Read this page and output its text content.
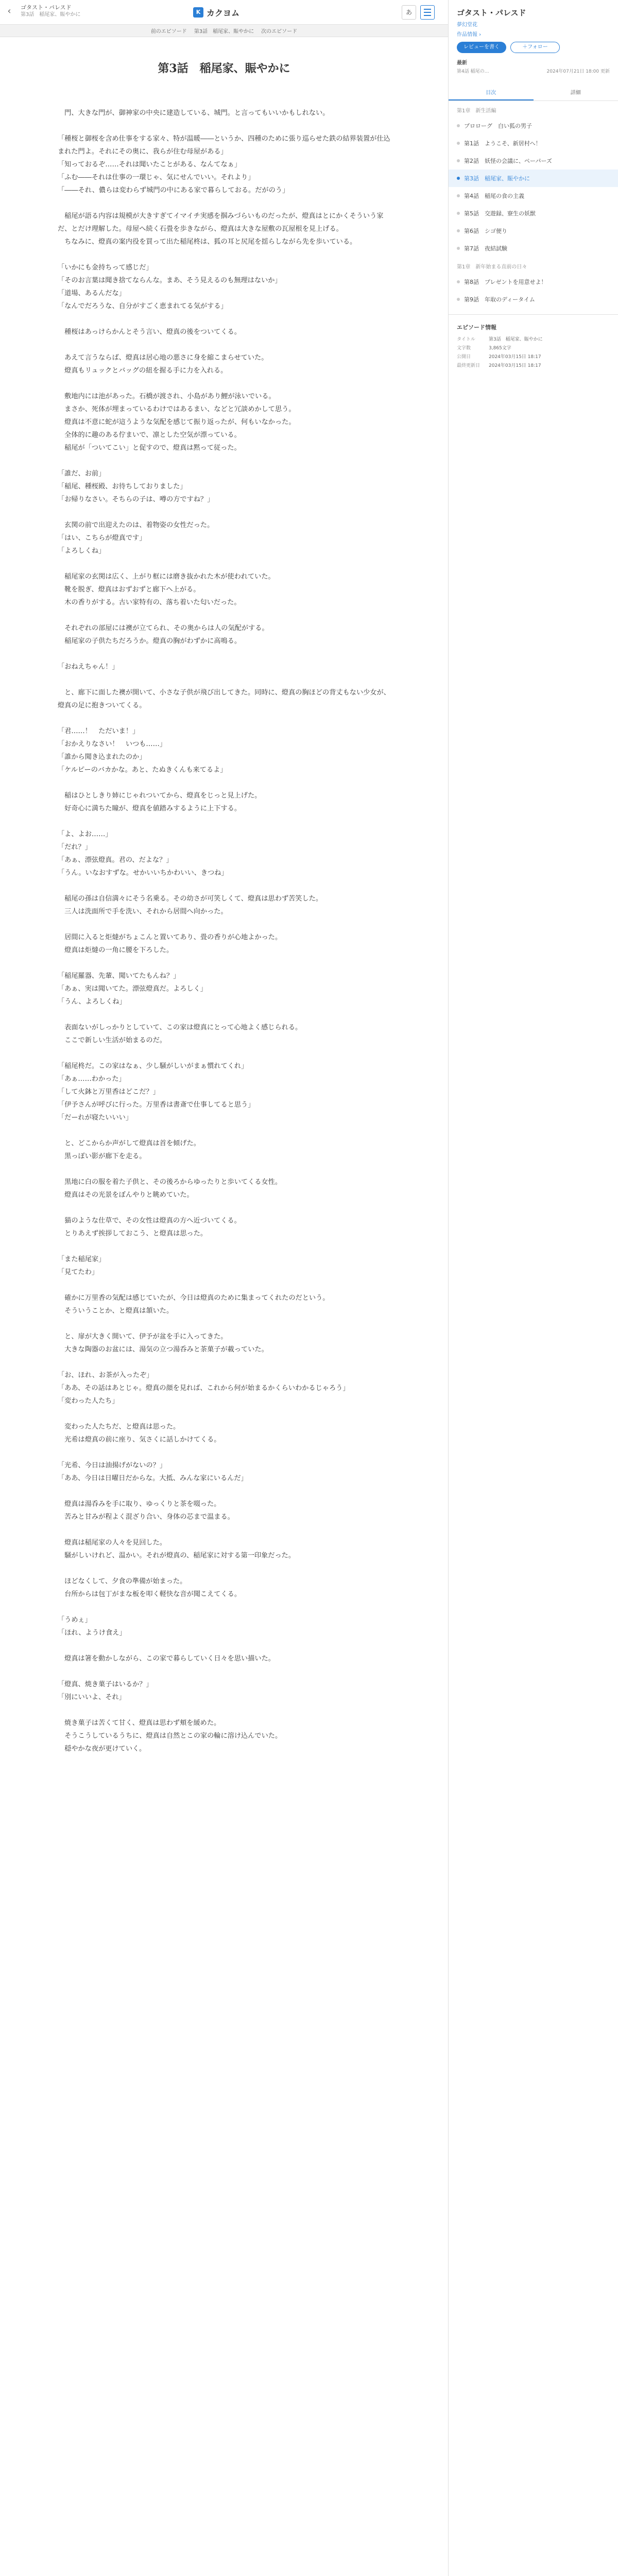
‹	ゴタスト・パレスド
第3話　稲尾家、賑やかに	K カクヨム	あ
前のエピソード 第3話　稲尾家、賑やかに 次のエピソード
第3話　稲尾家、賑やかに

　門、大きな門が、御神家の中央に建造している、城門。と言ってもいいかもしれない。

「種桜と御桜を含め仕事をする家々、特が温暖――というか、四種のために張り巡らせた鉄の結界装置が仕込まれた門よ。それにその奥に、我らが住む母屋がある」

「知っておるぞ……それは聞いたことがある、なんてなぁ」

「ふむ――それは仕事の一環じゃ、気にせんでいい。それより」

「――それ、儂らは変わらず城門の中にある家で暮らしておる。だがのう」

　稲尾が語る内容は規模が大きすぎてイマイチ実感を掴みづらいものだったが、燈真はとにかくそういう家だ、とだけ理解した。母屋へ続く石畳を歩きながら、燈真は大きな屋敷の瓦屋根を見上げる。

　ちなみに、燈真の案内役を買って出た稲尾柊は、狐の耳と尻尾を揺らしながら先を歩いている。

「いかにも金持ちって感じだ」

「そのお言葉は聞き捨てならんな。まあ、そう見えるのも無理はないか」

「道場、あるんだな」

「なんでだろうな、自分がすごく恵まれてる気がする」

　種桜はあっけらかんとそう言い、燈真の後をついてくる。

　あえて言うならば、燈真は居心地の悪さに身を縮こまらせていた。

　燈真もリュックとバッグの紐を握る手に力を入れる。

　敷地内には池があった。石橋が渡され、小島があり鯉が泳いでいる。

　まさか、死体が埋まっているわけではあるまい、などと冗談めかして思う。

　燈真は不意に蛇が這うような気配を感じて振り返ったが、何もいなかった。

　全体的に趣のある佇まいで、凛とした空気が漂っている。

　稲尾が「ついてこい」と促すので、燈真は黙って従った。

「誰だ、お前」

「稲尾、種桜殿、お待ちしておりました」

「お帰りなさい。そちらの子は、噂の方ですね？」

　玄関の前で出迎えたのは、着物姿の女性だった。

「はい、こちらが燈真です」

「よろしくね」

　稲尾家の玄関は広く、上がり框には磨き抜かれた木が使われていた。

　靴を脱ぎ、燈真はおずおずと廊下へ上がる。

　木の香りがする。古い家特有の、落ち着いた匂いだった。

　それぞれの部屋には襖が立てられ、その奥からは人の気配がする。

　稲尾家の子供たちだろうか。燈真の胸がわずかに高鳴る。

「おねえちゃん！」

　と、廊下に面した襖が開いて、小さな子供が飛び出してきた。同時に、燈真の胸ほどの背丈もない少女が、燈真の足に抱きついてくる。

「君……！　ただいま！」

「おかえりなさい！　いつも……」

「誰から聞き込まれたのか」

「ケルピーのバカかな。あと、たぬきくんも来てるよ」

　稲はひとしきり姉にじゃれついてから、燈真をじっと見上げた。

　好奇心に満ちた瞳が、燈真を値踏みするように上下する。

「よ、よお……」

「だれ？」

「あぁ、漂弦燈真。君の、だよな？」

「うん。いなおすずな。せかいいちかわいい、きつね」

　稲尾の孫は自信満々にそう名乗る。その幼さが可笑しくて、燈真は思わず苦笑した。

　三人は洗面所で手を洗い、それから居間へ向かった。

　居間に入ると炬燵がちょこんと置いてあり、畳の香りが心地よかった。

　燈真は炬燵の一角に腰を下ろした。

「稲尾羅器、先輩、聞いてたもんね？」

「あぁ、実は聞いてた。漂弦燈真だ。よろしく」

「うん、よろしくね」

　表面ないがしっかりとしていて、この家は燈真にとって心地よく感じられる。

　ここで新しい生活が始まるのだ。

「稲尾柊だ。この家はなぁ、少し騒がしいがまぁ慣れてくれ」

「あぁ……わかった」

「して火鉢と万里香はどこだ？」

「伊予さんが呼びに行った。万里香は書斎で仕事してると思う」

「だーれが寝たいいい」

　と、どこからか声がして燈真は首を傾げた。

　黒っぽい影が廊下を走る。

　黒地に白の服を着た子供と、その後ろからゆったりと歩いてくる女性。

　燈真はその光景をぼんやりと眺めていた。

　猫のような仕草で、その女性は燈真の方へ近づいてくる。

　とりあえず挨拶しておこう、と燈真は思った。

「また稲尾家」

「見てたわ」

　確かに万里香の気配は感じていたが、今日は燈真のために集まってくれたのだという。

　そういうことか、と燈真は頷いた。

　と、扉が大きく開いて、伊予が盆を手に入ってきた。

　大きな陶器のお盆には、湯気の立つ湯呑みと茶菓子が載っていた。

「お、ほれ、お茶が入ったぞ」

「ああ、その話はあとじゃ。燈真の顔を見れば、これから何が始まるかくらいわかるじゃろう」

「変わった人たち」

　変わった人たちだ、と燈真は思った。

　光希は燈真の前に座り、気さくに話しかけてくる。

「光希、今日は油揚げがないの？」

「ああ、今日は日曜日だからな。大抵、みんな家にいるんだ」

　燈真は湯呑みを手に取り、ゆっくりと茶を啜った。

　苦みと甘みが程よく混ざり合い、身体の芯まで温まる。

　燈真は稲尾家の人々を見回した。

　騒がしいけれど、温かい。それが燈真の、稲尾家に対する第一印象だった。

　ほどなくして、夕食の準備が始まった。

　台所からは包丁がまな板を叩く軽快な音が聞こえてくる。

「うめぇ」

「ほれ、ようけ食え」

　燈真は箸を動かしながら、この家で暮らしていく日々を思い描いた。

「燈真、焼き菓子はいるか？」

「別にいいよ、それ」

　焼き菓子は苦くて甘く、燈真は思わず頬を緩めた。

　そうこうしているうちに、燈真は自然とこの家の輪に溶け込んでいた。

　穏やかな夜が更けていく。

ゴタスト・パレスド
夢幻堂花
作品情報 ›
レビューを書く	＋フォロー
最新
第4話 稲尾の…	2024年07月21日 18:00 更新
目次	詳細
第1章　新生活編
プロローグ　白い狐の男子
第1話　ようこそ、新居村へ！
第2話　妖怪の会議に、ペーパーズ
第3話　稲尾家、賑やかに
第4話　稲尾の食の主義
第5話　交遊録、寮生の妖獣
第6話　シゴ便り
第7話　夜結試験
第1章　新年始まる直前の日々
第8話　プレゼントを用意せよ！
第9話　年取のディータイム
エピソード情報
タイトル	第3話　稲尾家、賑やかに
文字数	3,865文字
公開日	2024年03月15日 18:17
最終更新日	2024年03月15日 18:17
